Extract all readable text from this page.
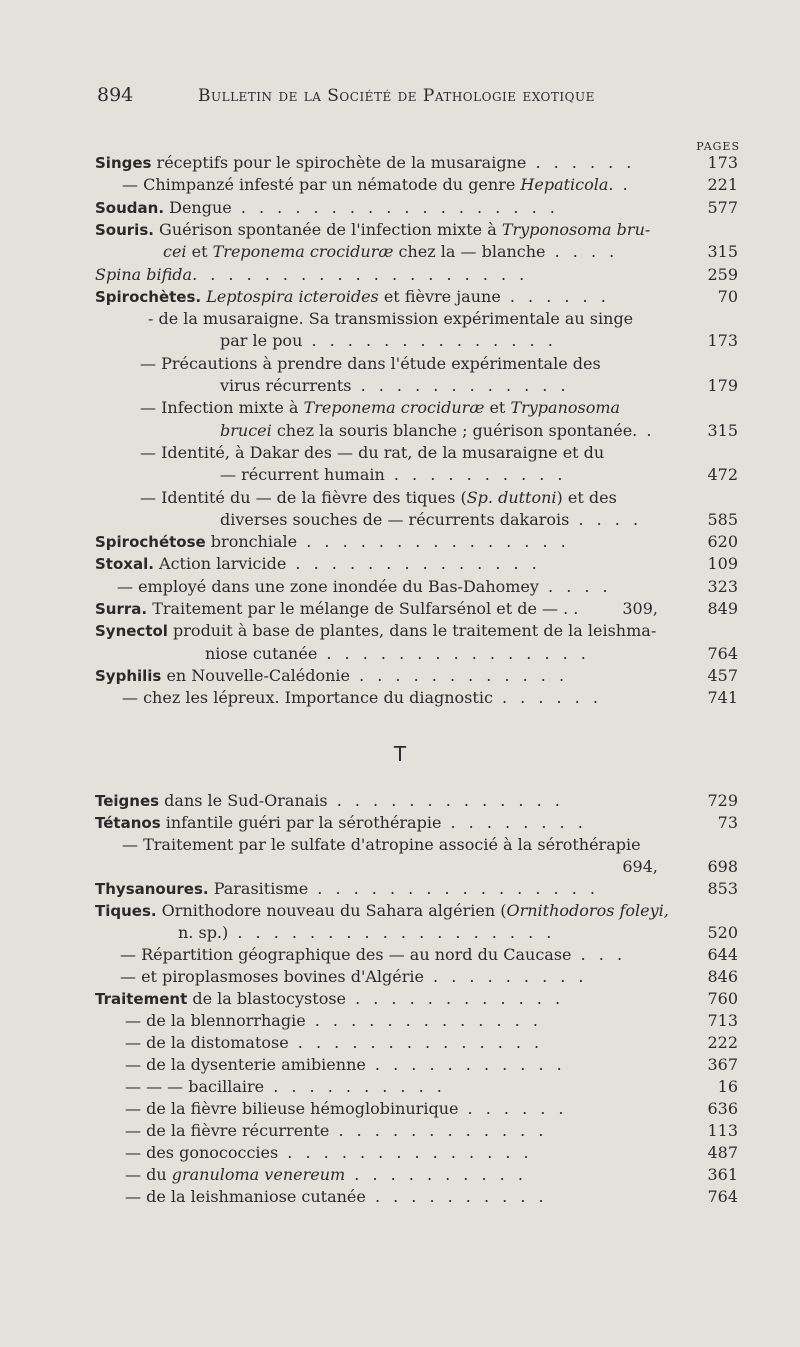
894	Bulletin de la Société de Pathologie exotique
PAGES
Singes réceptifs pour le spirochète de la musaraigne . . . . . .	173
— Chimpanzé infesté par un nématode du genre Hepaticola. .	221
Soudan. Dengue . . . . . . . . . . . . . . . . . .	577
Souris. Guérison spontanée de l'infection mixte à Tryponosoma bru-
cei et Treponema crociduræ chez la — blanche . . . .	315
Spina bifida. . . . . . . . . . . . . . . . . . .	259
Spirochètes. Leptospira icteroides et fièvre jaune . . . . . .	70
- de la musaraigne. Sa transmission expérimentale au singe
par le pou . . . . . . . . . . . . . .	173
— Précautions à prendre dans l'étude expérimentale des
virus récurrents . . . . . . . . . . . .	179
— Infection mixte à Treponema crociduræ et Trypanosoma
brucei chez la souris blanche ; guérison spontanée. .	315
— Identité, à Dakar des — du rat, de la musaraigne et du
— récurrent humain . . . . . . . . . .	472
— Identité du — de la fièvre des tiques (Sp. duttoni) et des
diverses souches de — récurrents dakarois . . . .	585
Spirochétose bronchiale . . . . . . . . . . . . . . .	620
Stoxal. Action larvicide . . . . . . . . . . . . . .	109
— employé dans une zone inondée du Bas-Dahomey . . . .	323
Surra. Traitement par le mélange de Sulfarsénol et de — . .	309,	849
Synectol produit à base de plantes, dans le traitement de la leishma-
niose cutanée . . . . . . . . . . . . . . .	764
Syphilis en Nouvelle-Calédonie . . . . . . . . . . . .	457
— chez les lépreux. Importance du diagnostic . . . . . .	741
T
Teignes dans le Sud-Oranais . . . . . . . . . . . . .	729
Tétanos infantile guéri par la sérothérapie . . . . . . . .	73
— Traitement par le sulfate d'atropine associé à la sérothérapie
694,	698
Thysanoures. Parasitisme . . . . . . . . . . . . . . . .	853
Tiques. Ornithodore nouveau du Sahara algérien (Ornithodoros foleyi,
n. sp.) . . . . . . . . . . . . . . . . . .	520
— Répartition géographique des — au nord du Caucase . . .	644
— et piroplasmoses bovines d'Algérie . . . . . . . . .	846
Traitement de la blastocystose . . . . . . . . . . . .	760
— de la blennorrhagie . . . . . . . . . . . . .	713
— de la distomatose . . . . . . . . . . . . . .	222
— de la dysenterie amibienne . . . . . . . . . . .	367
— — — bacillaire . . . . . . . . . .	16
— de la fièvre bilieuse hémoglobinurique . . . . . .	636
— de la fièvre récurrente . . . . . . . . . . . .	113
— des gonococcies . . . . . . . . . . . . . .	487
— du granuloma venereum . . . . . . . . . .	361
— de la leishmaniose cutanée . . . . . . . . . .	764
